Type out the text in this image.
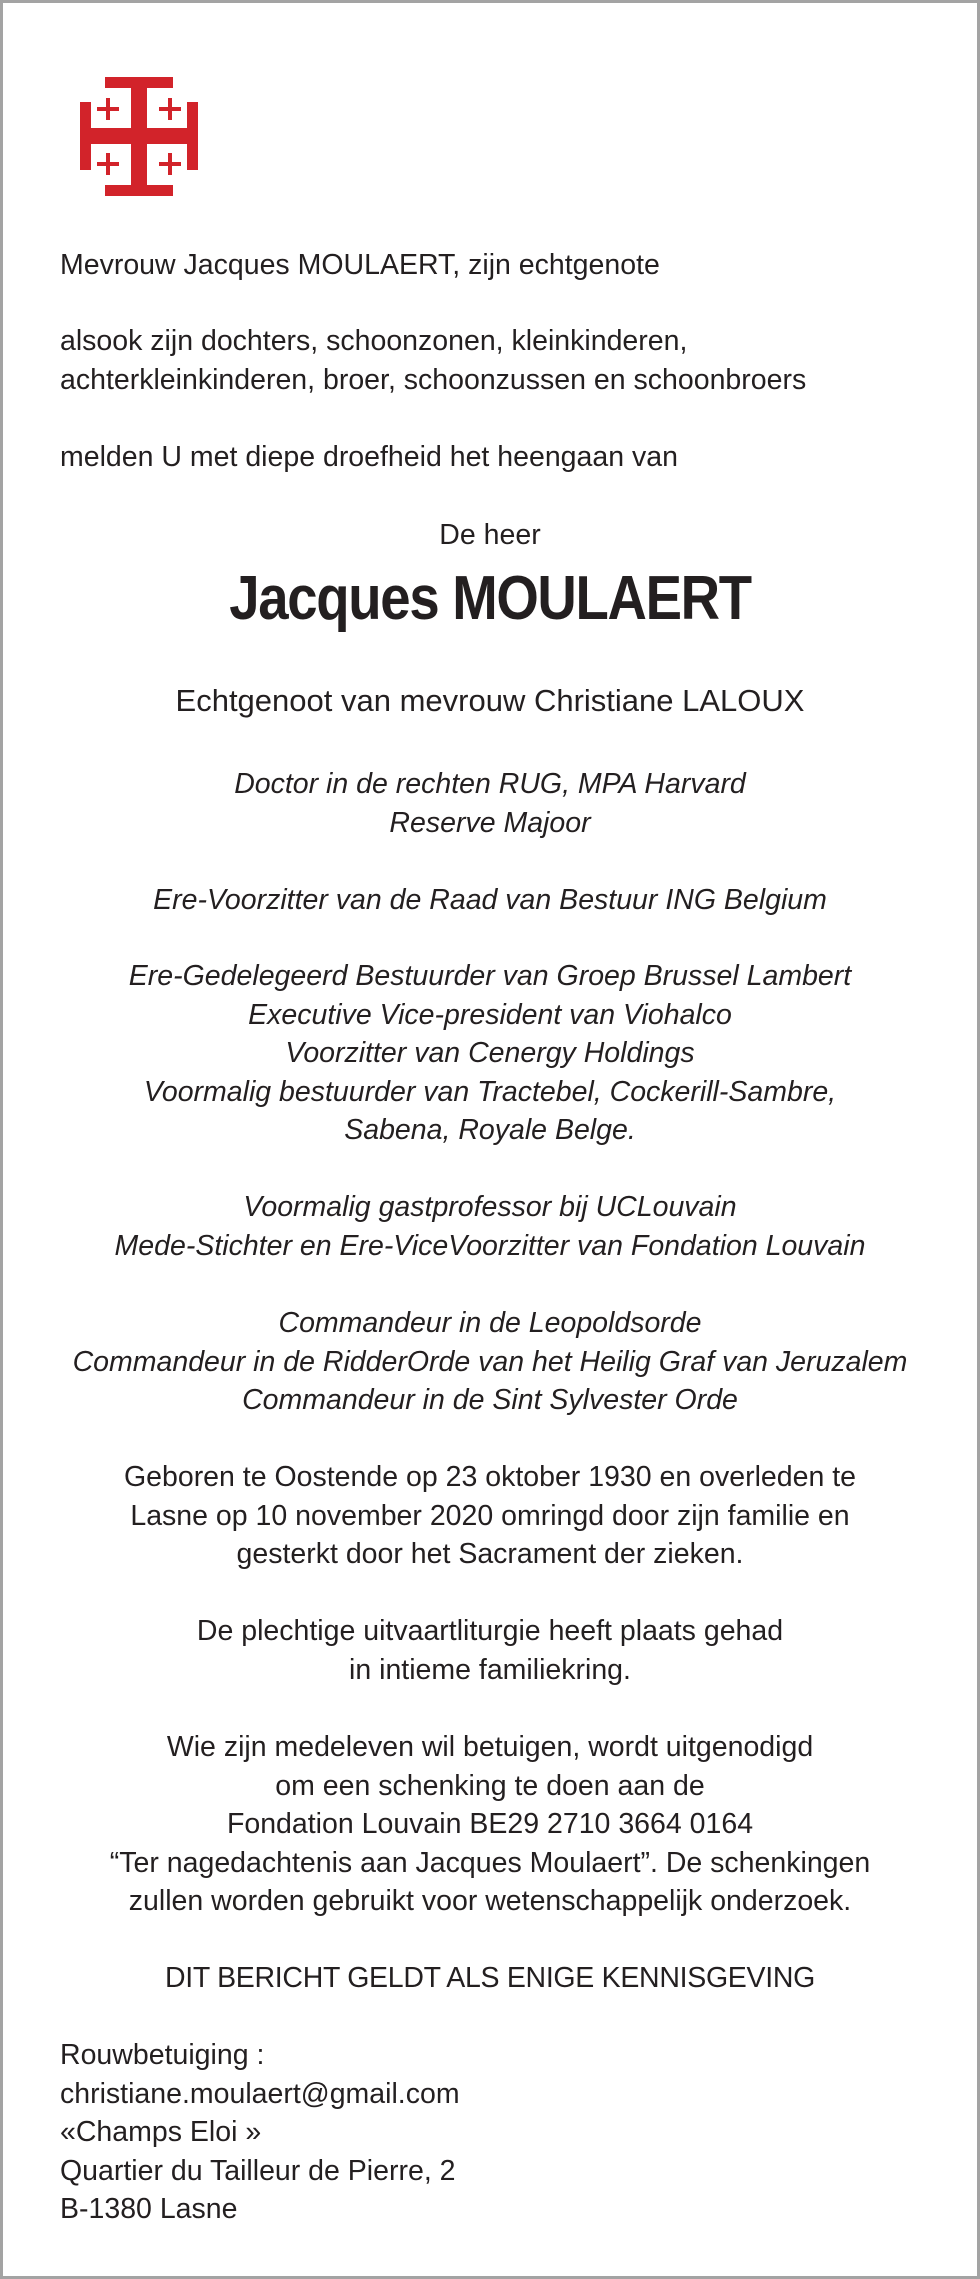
Mevrouw Jacques MOULAERT, zijn echtgenote
alsook zijn dochters, schoonzonen, kleinkinderen,
achterkleinkinderen, broer, schoonzussen en schoonbroers
melden U met diepe droefheid het heengaan van
De heer
Jacques MOULAERT
Echtgenoot van mevrouw Christiane LALOUX
Doctor in de rechten RUG, MPA Harvard
Reserve Majoor
Ere-Voorzitter van de Raad van Bestuur ING Belgium
Ere-Gedelegeerd Bestuurder van Groep Brussel Lambert
Executive Vice-president van Viohalco
Voorzitter van Cenergy Holdings
Voormalig bestuurder van Tractebel, Cockerill-Sambre,
Sabena, Royale Belge.
Voormalig gastprofessor bij UCLouvain
Mede-Stichter en Ere-ViceVoorzitter van Fondation Louvain
Commandeur in de Leopoldsorde
Commandeur in de RidderOrde van het Heilig Graf van Jeruzalem
Commandeur in de Sint Sylvester Orde
Geboren te Oostende op 23 oktober 1930 en overleden te
Lasne op 10 november 2020 omringd door zijn familie en
gesterkt door het Sacrament der zieken.
De plechtige uitvaartliturgie heeft plaats gehad
in intieme familiekring.
Wie zijn medeleven wil betuigen, wordt uitgenodigd
om een schenking te doen aan de
Fondation Louvain BE29 2710 3664 0164
“Ter nagedachtenis aan Jacques Moulaert”. De schenkingen
zullen worden gebruikt voor wetenschappelijk onderzoek.
DIT BERICHT GELDT ALS ENIGE KENNISGEVING
Rouwbetuiging :
christiane.moulaert@gmail.com
«Champs Eloi »
Quartier du Tailleur de Pierre, 2
B-1380 Lasne
